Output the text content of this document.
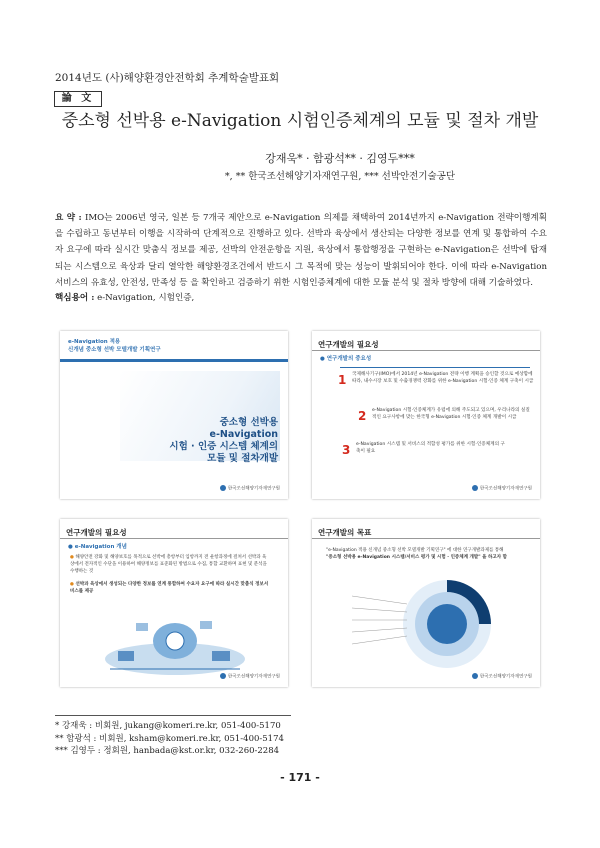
2014년도 (사)해양환경안전학회 추계학술발표회
論 文
중소형 선박용 e-Navigation 시험인증체계의 모듈 및 절차 개발
강재욱* · 함광석** · 김영두***
*, ** 한국조선해양기자재연구원, *** 선박안전기술공단
요 약 : IMO는 2006년 영국, 일본 등 7개국 제안으로 e-Navigation 의제를 채택하여 2014년까지 e-Navigation 전략이행계획을 수립하고 동년부터 이행을 시작하여 단계적으로 진행하고 있다. 선박과 육상에서 생산되는 다양한 정보를 연계 및 통합하여 수요자 요구에 따라 실시간 맞춤식 정보를 제공, 선박의 안전운항을 지원, 육상에서 통합행정을 구현하는 e-Navigation은 선박에 탑재되는 시스템으로 육상과 달리 열악한 해양환경조건에서 반드시 그 목적에 맞는 성능이 발휘되어야 한다. 이에 따라 e-Navigation 서비스의 유효성, 안전성, 만족성 등 을 확인하고 검증하기 위한 시험인증체계에 대한 모듈 분석 및 절차 방향에 대해 기술하였다.
핵심용어 : e-Navigation, 시험인증,
e-Navigation 적용
신개념 중소형 선박 모델개발 기획연구
중소형 선박용
e-Navigation
시험 · 인증 시스템 체계의
모듈 및 절차개발
한국조선해양기자재연구원
연구개발의 필요성
● 연구개발의 중요성
1 국제해사기구(IMO)에서 2014년 e-Navigation 전략 이행 계획을 승인할 것으로 예상함에 따라, 내수시장 보호 및 수출경쟁력 강화를 위한 e-Navigation 시험·인증 체계 구축이 시급
2 e-Navigation 시험·인증체계가 유럽에 의해 주도되고 있으며, 우리나라의 실질적인 요구사항에 맞는 한국형 e-Navigation 시험·인증 체계 개발이 시급
3 e-Navigation 시스템 및 서비스의 적합성 평가를 위한 시험·인증체계의 구축이 필요
한국조선해양기자재연구원
연구개발의 필요성
● e-Navigation 개념
● 해양안전 강화 및 해양보호를 목적으로 선박에 총항부터 입항까지 전 운항과정에 걸쳐서 선박과 육상에서 전자적인 수단을 이용하여 해양정보를 표준화된 방법으로 수집, 통합 교환하며 표현 및 분석을 수행하는 것
● 선박과 육상에서 생성되는 다양한 정보를 연계 통합하여 수요자 요구에 따라 실시간 맞춤식 정보서비스를 제공
한국조선해양기자재연구원
연구개발의 목표
"e-Navigation 적용 신개념 중소형 선박 모델개발 기획연구" 에 대한 연구개발과제를 통해
"중소형 선박용 e-Navigation 시스템/서비스 평가 및 시험 · 인증체계 개발" 을 하고자 함
한국조선해양기자재연구원
* 강재욱 : 비회원, jukang@komeri.re.kr, 051-400-5170
** 함광석 : 비회원, ksham@komeri.re.kr, 051-400-5174
*** 김영두 : 정회원, hanbada@kst.or.kr, 032-260-2284
- 171 -
